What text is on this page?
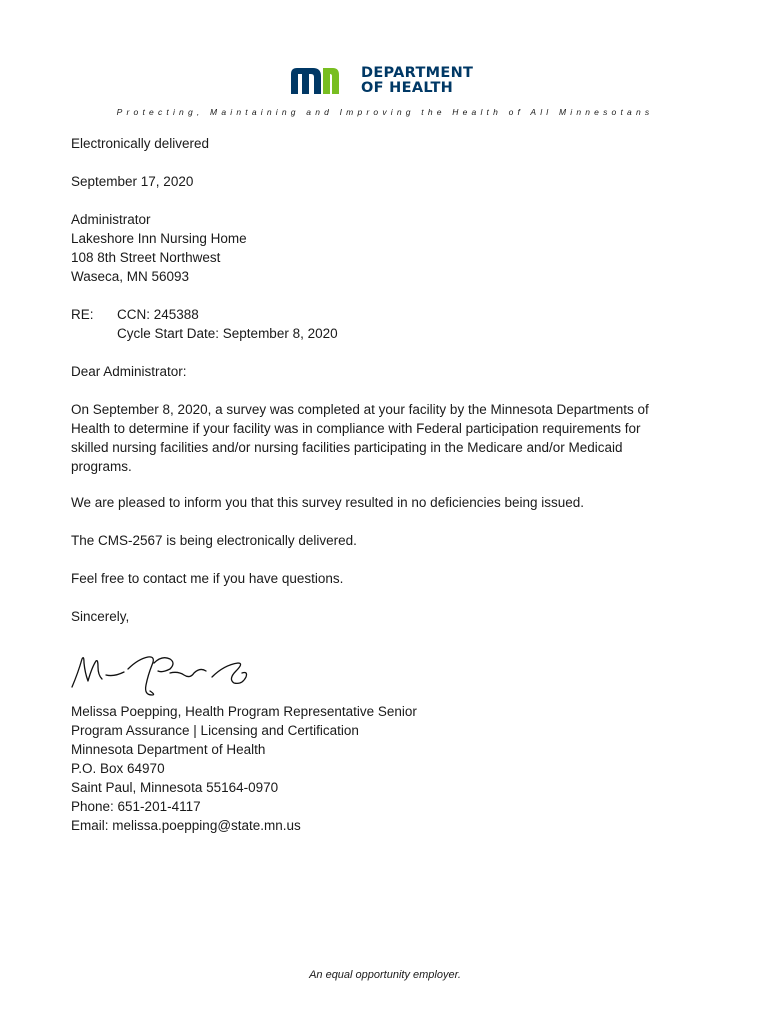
DEPARTMENT
OF HEALTH
Protecting, Maintaining and Improving the Health of All Minnesotans

Electronically delivered

September 17, 2020

Administrator
Lakeshore Inn Nursing Home
108 8th Street Northwest
Waseca, MN 56093
RE: CCN: 245388
Cycle Start Date: September 8, 2020

Dear Administrator:

On September 8, 2020, a survey was completed at your facility by the Minnesota Departments of Health to determine if your facility was in compliance with Federal participation requirements for skilled nursing facilities and/or nursing facilities participating in the Medicare and/or Medicaid programs.

We are pleased to inform you that this survey resulted in no deficiencies being issued.

The CMS-2567 is being electronically delivered.

Feel free to contact me if you have questions.

Sincerely,

Melissa Poepping, Health Program Representative Senior
Program Assurance | Licensing and Certification
Minnesota Department of Health
P.O. Box 64970
Saint Paul, Minnesota 55164-0970
Phone: 651-201-4117
Email: melissa.poepping@state.mn.us
An equal opportunity employer.
